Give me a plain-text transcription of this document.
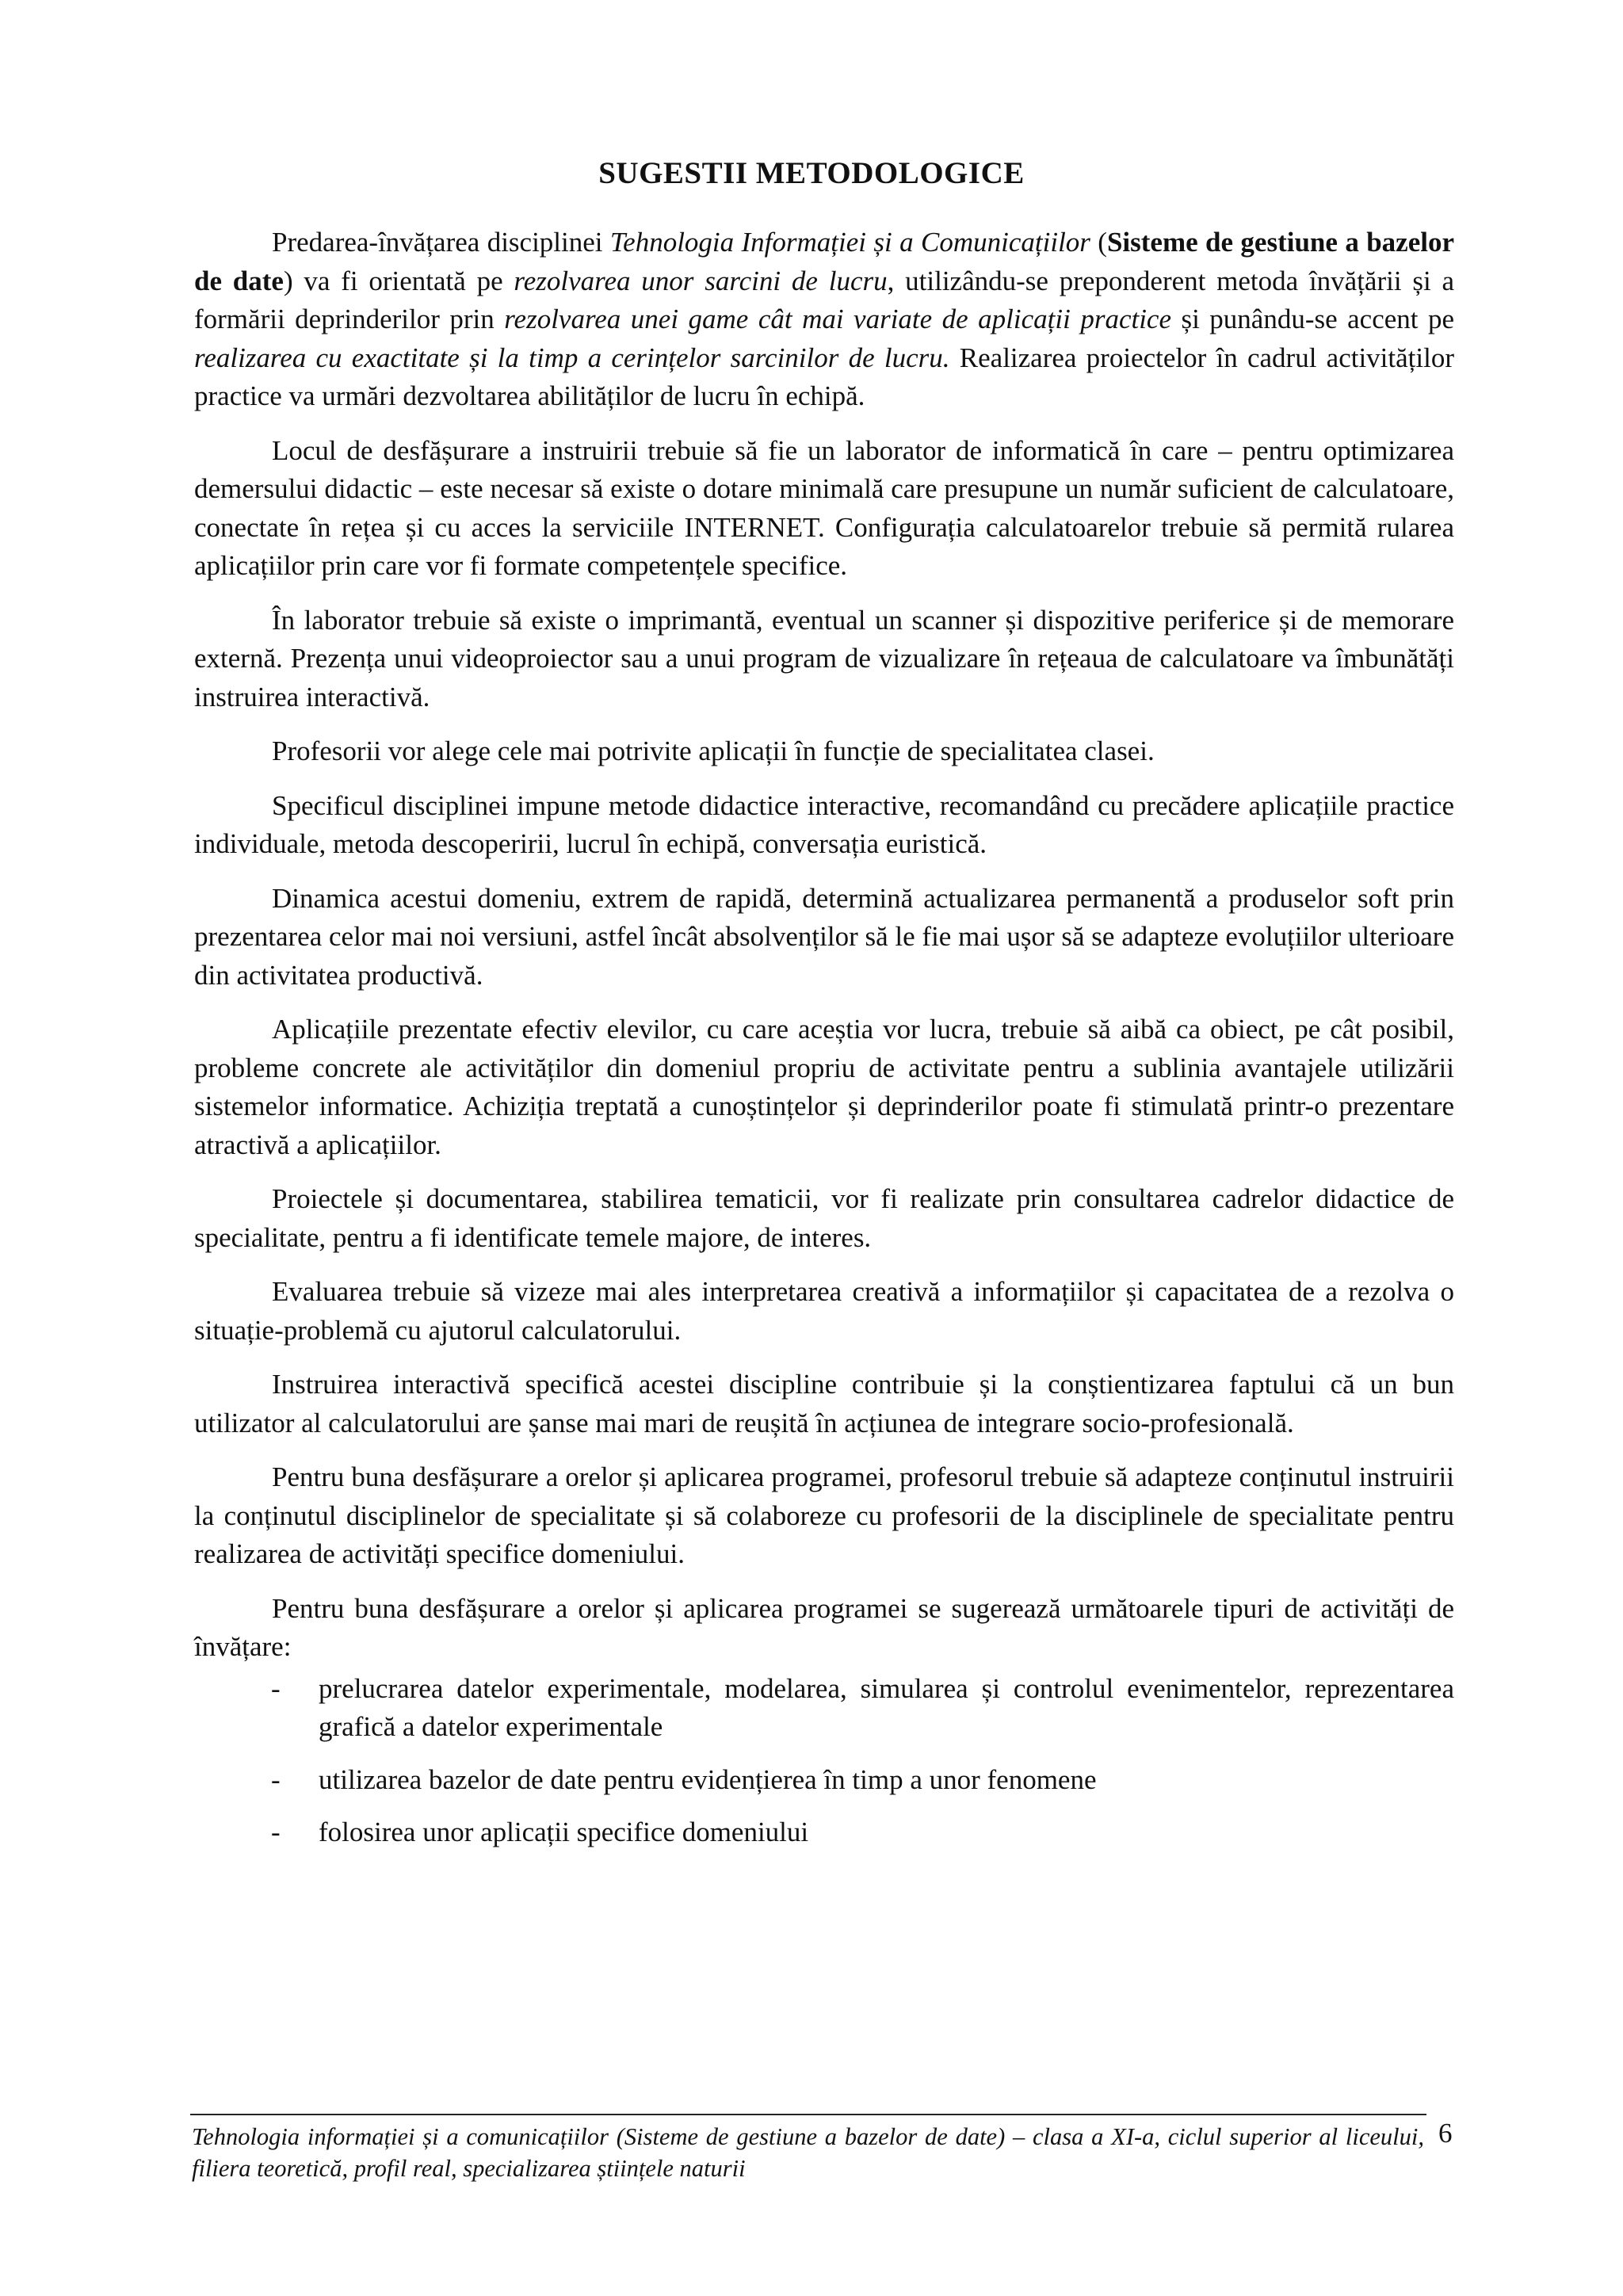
SUGESTII METODOLOGICE

Predarea-învățarea disciplinei Tehnologia Informației și a Comunicațiilor (Sisteme de gestiune a bazelor de date) va fi orientată pe rezolvarea unor sarcini de lucru, utilizându-se preponderent metoda învățării și a formării deprinderilor prin rezolvarea unei game cât mai variate de aplicații practice și punându-se accent pe realizarea cu exactitate și la timp a cerințelor sarcinilor de lucru. Realizarea proiectelor în cadrul activităților practice va urmări dezvoltarea abilităților de lucru în echipă.

Locul de desfășurare a instruirii trebuie să fie un laborator de informatică în care – pentru optimizarea demersului didactic – este necesar să existe o dotare minimală care presupune un număr suficient de calculatoare, conectate în rețea și cu acces la serviciile INTERNET. Configurația calculatoarelor trebuie să permită rularea aplicațiilor prin care vor fi formate competențele specifice.

În laborator trebuie să existe o imprimantă, eventual un scanner și dispozitive periferice și de memorare externă. Prezența unui videoproiector sau a unui program de vizualizare în rețeaua de calculatoare va îmbunătăți instruirea interactivă.

Profesorii vor alege cele mai potrivite aplicații în funcție de specialitatea clasei.

Specificul disciplinei impune metode didactice interactive, recomandând cu precădere aplicațiile practice individuale, metoda descoperirii, lucrul în echipă, conversația euristică.

Dinamica acestui domeniu, extrem de rapidă, determină actualizarea permanentă a produselor soft prin prezentarea celor mai noi versiuni, astfel încât absolvenților să le fie mai ușor să se adapteze evoluțiilor ulterioare din activitatea productivă.

Aplicațiile prezentate efectiv elevilor, cu care aceștia vor lucra, trebuie să aibă ca obiect, pe cât posibil, probleme concrete ale activităților din domeniul propriu de activitate pentru a sublinia avantajele utilizării sistemelor informatice. Achiziția treptată a cunoștințelor și deprinderilor poate fi stimulată printr-o prezentare atractivă a aplicațiilor.

Proiectele și documentarea, stabilirea tematicii, vor fi realizate prin consultarea cadrelor didactice de specialitate, pentru a fi identificate temele majore, de interes.

Evaluarea trebuie să vizeze mai ales interpretarea creativă a informațiilor și capacitatea de a rezolva o situație-problemă cu ajutorul calculatorului.

Instruirea interactivă specifică acestei discipline contribuie și la conștientizarea faptului că un bun utilizator al calculatorului are șanse mai mari de reușită în acțiunea de integrare socio-profesională.

Pentru buna desfășurare a orelor și aplicarea programei, profesorul trebuie să adapteze conținutul instruirii la conținutul disciplinelor de specialitate și să colaboreze cu profesorii de la disciplinele de specialitate pentru realizarea de activități specifice domeniului.

Pentru buna desfășurare a orelor și aplicarea programei se sugerează următoarele tipuri de activități de învățare:

- prelucrarea datelor experimentale, modelarea, simularea și controlul evenimentelor, reprezentarea grafică a datelor experimentale
- utilizarea bazelor de date pentru evidențierea în timp a unor fenomene
- folosirea unor aplicații specifice domeniului

Tehnologia informației și a comunicațiilor (Sisteme de gestiune a bazelor de date) – clasa a XI-a, ciclul superior al liceului, filiera teoretică, profil real, specializarea științele naturii

6
